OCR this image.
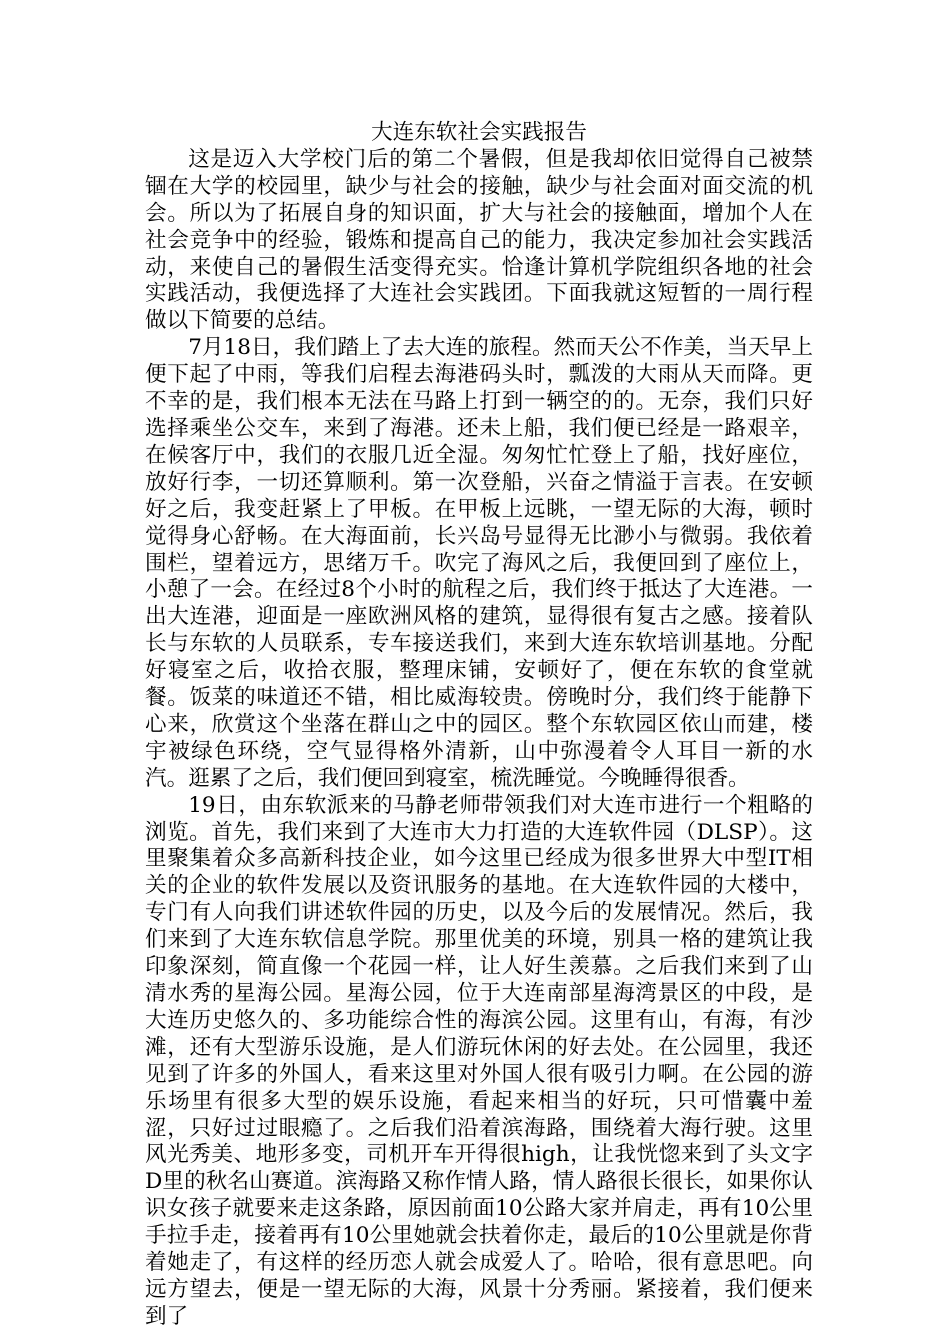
大连东软社会实践报告

这是迈入大学校门后的第二个暑假，但是我却依旧觉得自己被禁锢在大学的校园里，缺少与社会的接触，缺少与社会面对面交流的机会。所以为了拓展自身的知识面，扩大与社会的接触面，增加个人在社会竞争中的经验，锻炼和提高自己的能力，我决定参加社会实践活动，来使自己的暑假生活变得充实。恰逢计算机学院组织各地的社会实践活动，我便选择了大连社会实践团。下面我就这短暂的一周行程做以下简要的总结。

7月18日，我们踏上了去大连的旅程。然而天公不作美，当天早上便下起了中雨，等我们启程去海港码头时，瓢泼的大雨从天而降。更不幸的是，我们根本无法在马路上打到一辆空的的。无奈，我们只好选择乘坐公交车，来到了海港。还未上船，我们便已经是一路艰辛，在候客厅中，我们的衣服几近全湿。匆匆忙忙登上了船，找好座位，放好行李，一切还算顺利。第一次登船，兴奋之情溢于言表。在安顿好之后，我变赶紧上了甲板。在甲板上远眺，一望无际的大海，顿时觉得身心舒畅。在大海面前，长兴岛号显得无比渺小与微弱。我依着围栏，望着远方，思绪万千。吹完了海风之后，我便回到了座位上，小憩了一会。在经过8个小时的航程之后，我们终于抵达了大连港。一出大连港，迎面是一座欧洲风格的建筑，显得很有复古之感。接着队长与东软的人员联系，专车接送我们，来到大连东软培训基地。分配好寝室之后，收拾衣服，整理床铺，安顿好了，便在东软的食堂就餐。饭菜的味道还不错，相比威海较贵。傍晚时分，我们终于能静下心来，欣赏这个坐落在群山之中的园区。整个东软园区依山而建，楼宇被绿色环绕，空气显得格外清新，山中弥漫着令人耳目一新的水汽。逛累了之后，我们便回到寝室，梳洗睡觉。今晚睡得很香。

19日，由东软派来的马静老师带领我们对大连市进行一个粗略的浏览。首先，我们来到了大连市大力打造的大连软件园（DLSP）。这里聚集着众多高新科技企业，如今这里已经成为很多世界大中型IT相关的企业的软件发展以及资讯服务的基地。在大连软件园的大楼中，专门有人向我们讲述软件园的历史，以及今后的发展情况。然后，我们来到了大连东软信息学院。那里优美的环境，别具一格的建筑让我印象深刻，简直像一个花园一样，让人好生羡慕。之后我们来到了山清水秀的星海公园。星海公园，位于大连南部星海湾景区的中段，是大连历史悠久的、多功能综合性的海滨公园。这里有山，有海，有沙滩，还有大型游乐设施，是人们游玩休闲的好去处。在公园里，我还见到了许多的外国人，看来这里对外国人很有吸引力啊。在公园的游乐场里有很多大型的娱乐设施，看起来相当的好玩，只可惜囊中羞涩，只好过过眼瘾了。之后我们沿着滨海路，围绕着大海行驶。这里风光秀美、地形多变，司机开车开得很high，让我恍惚来到了头文字D里的秋名山赛道。滨海路又称作情人路，情人路很长很长，如果你认识女孩子就要来走这条路，原因前面10公路大家并肩走，再有10公里手拉手走，接着再有10公里她就会扶着你走，最后的10公里就是你背着她走了，有这样的经历恋人就会成爱人了。哈哈，很有意思吧。向远方望去，便是一望无际的大海，风景十分秀丽。紧接着，我们便来到了
